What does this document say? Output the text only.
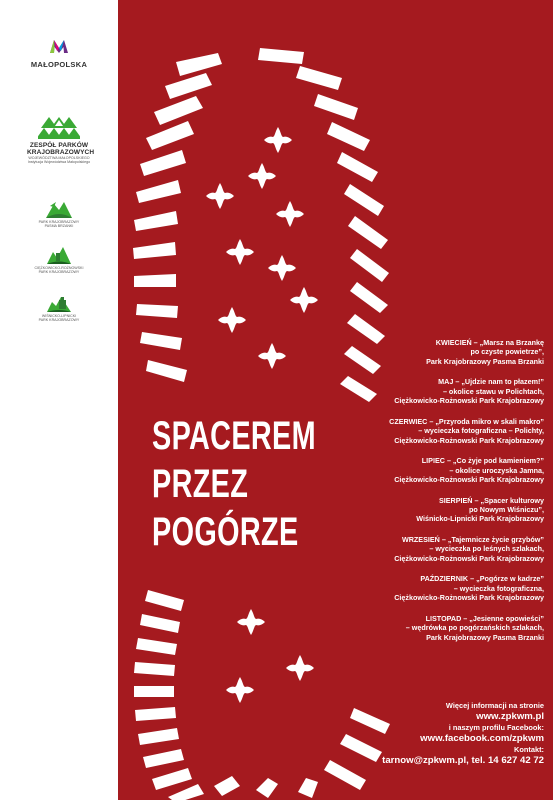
MAŁOPOLSKA
ZESPÓŁ PARKÓW KRAJOBRAZOWYCH
WOJEWÓDZTWA MAŁOPOLSKIEGO
Instytucja Województwa Małopolskiego
PARK KRAJOBRAZOWY
PASMA BRZANKI
CIĘŻKOWICKO-ROŻNOWSKI
PARK KRAJOBRAZOWY
WIŚNICKO-LIPNICKI
PARK KRAJOBRAZOWY
SPACEREM
PRZEZ
POGÓRZE
KWIECIEŃ – „Marsz na Brzankę
po czyste powietrze”,
Park Krajobrazowy Pasma Brzanki
MAJ – „Ujdzie nam to płazem!”
– okolice stawu w Polichtach,
Ciężkowicko-Rożnowski Park Krajobrazowy
CZERWIEC – „Przyroda mikro w skali makro”
– wycieczka fotograficzna – Polichty,
Ciężkowicko-Rożnowski Park Krajobrazowy
LIPIEC – „Co żyje pod kamieniem?”
– okolice uroczyska Jamna,
Ciężkowicko-Rożnowski Park Krajobrazowy
SIERPIEŃ – „Spacer kulturowy
po Nowym Wiśniczu”,
Wiśnicko-Lipnicki Park Krajobrazowy
WRZESIEŃ – „Tajemnicze życie grzybów”
– wycieczka po leśnych szlakach,
Ciężkowicko-Rożnowski Park Krajobrazowy
PAŹDZIERNIK – „Pogórze w kadrze”
– wycieczka fotograficzna,
Ciężkowicko-Rożnowski Park Krajobrazowy
LISTOPAD – „Jesienne opowieści”
– wędrówka po pogórzańskich szlakach,
Park Krajobrazowy Pasma Brzanki
Więcej informacji na stronie
www.zpkwm.pl
i naszym profilu Facebook:
www.facebook.com/zpkwm
Kontakt:
tarnow@zpkwm.pl, tel. 14 627 42 72
